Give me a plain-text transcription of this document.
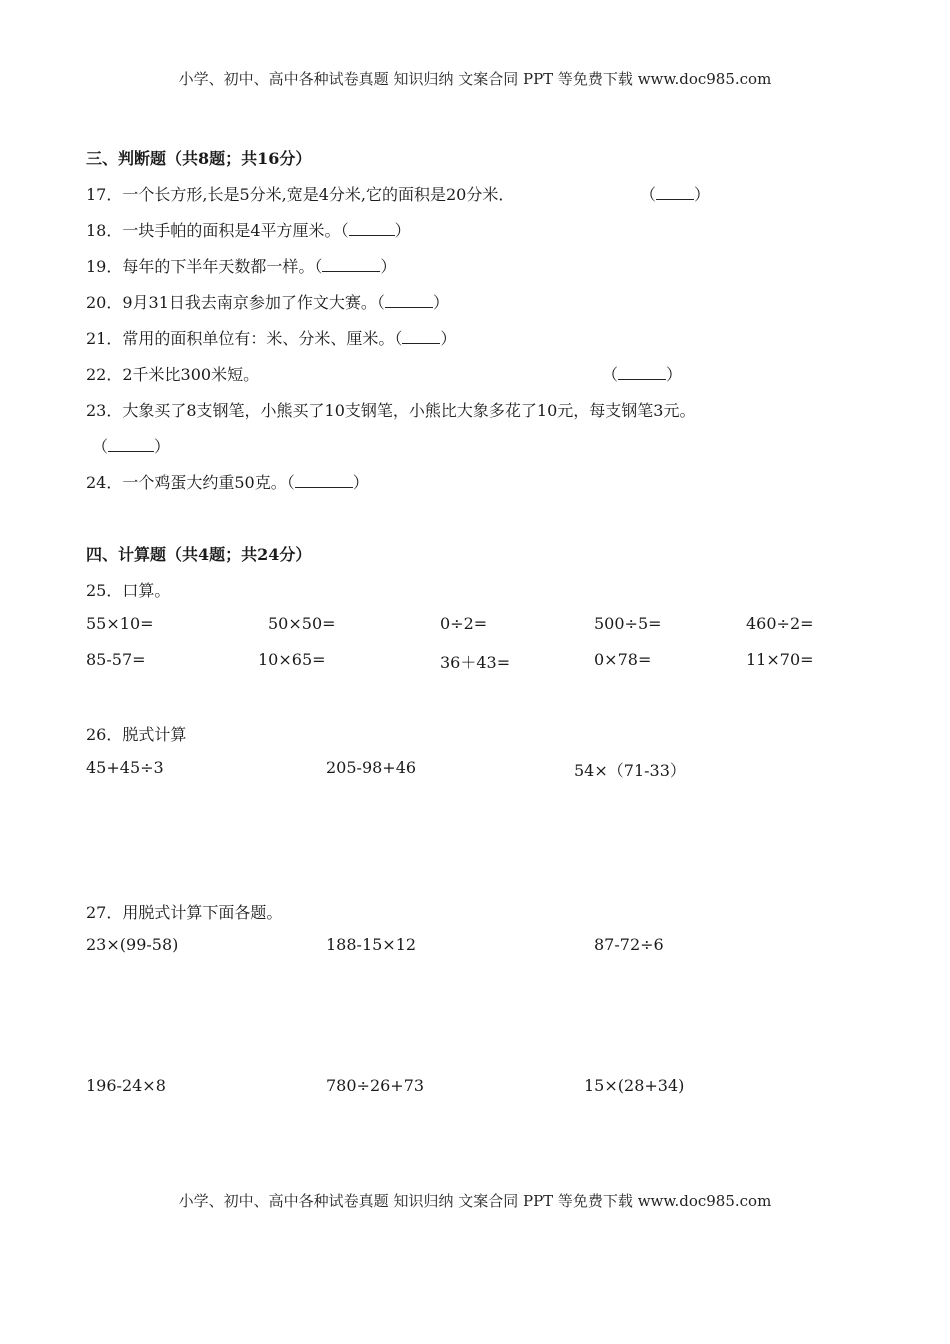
小学、初中、高中各种试卷真题 知识归纳 文案合同 PPT 等免费下载 www.doc985.com
三、判断题（共8题；共16分）
17．一个长方形,长是5分米,宽是4分米,它的面积是20分米．	（ ）
18．一块手帕的面积是4平方厘米。（	）
19．每年的下半年天数都一样。（	）
20．9月31日我去南京参加了作文大赛。（	）
21．常用的面积单位有：米、分米、厘米。（ ）
22．2千米比300米短。	（	）
23．大象买了8支钢笔，小熊买了10支钢笔，小熊比大象多花了10元，每支钢笔3元。
（	）
24．一个鸡蛋大约重50克。（	）
四、计算题（共4题；共24分）
25．口算。
55×10=	50×50=	0÷2=	500÷5=	460÷2=
85-57=	10×65=	36＋43=	0×78=	11×70=
26．脱式计算
45+45÷3	205-98+46	54×（71-33）
27．用脱式计算下面各题。
23×(99-58)	188-15×12	87-72÷6
196-24×8	780÷26+73	15×(28+34)
小学、初中、高中各种试卷真题 知识归纳 文案合同 PPT 等免费下载 www.doc985.com
